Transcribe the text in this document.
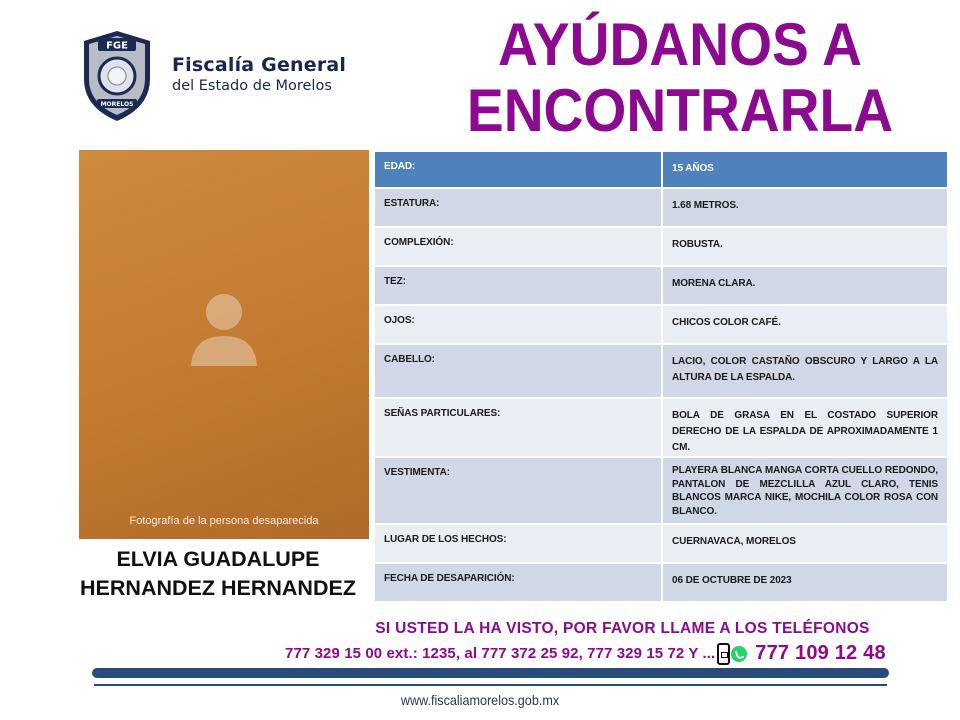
FGE
MORELOS
Fiscalía General
del Estado de Morelos
AYÚDANOS A
ENCONTRARLA
Fotografía de la persona desaparecida
ELVIA GUADALUPE
HERNANDEZ HERNANDEZ
EDAD:	15 AÑOS
ESTATURA:	1.68 METROS.
COMPLEXIÓN:	ROBUSTA.
TEZ:	MORENA CLARA.
OJOS:	CHICOS COLOR CAFÉ.
CABELLO:	LACIO, COLOR CASTAÑO OBSCURO Y LARGO A LA ALTURA DE LA ESPALDA.
SEÑAS PARTICULARES:	BOLA DE GRASA EN EL COSTADO SUPERIOR DERECHO DE LA ESPALDA DE APROXIMADAMENTE 1 CM.
VESTIMENTA:	PLAYERA BLANCA MANGA CORTA CUELLO REDONDO, PANTALON DE MEZCLILLA AZUL CLARO, TENIS BLANCOS MARCA NIKE, MOCHILA COLOR ROSA CON BLANCO.
LUGAR DE LOS HECHOS:	CUERNAVACA, MORELOS
FECHA DE DESAPARICIÓN:	06 DE OCTUBRE DE 2023
SI USTED LA HA VISTO, POR FAVOR LLAME A LOS TELÉFONOS
777 329 15 00 ext.: 1235, al 777 372 25 92, 777 329 15 72 Y ... 777 109 12 48
www.fiscaliamorelos.gob.mx
